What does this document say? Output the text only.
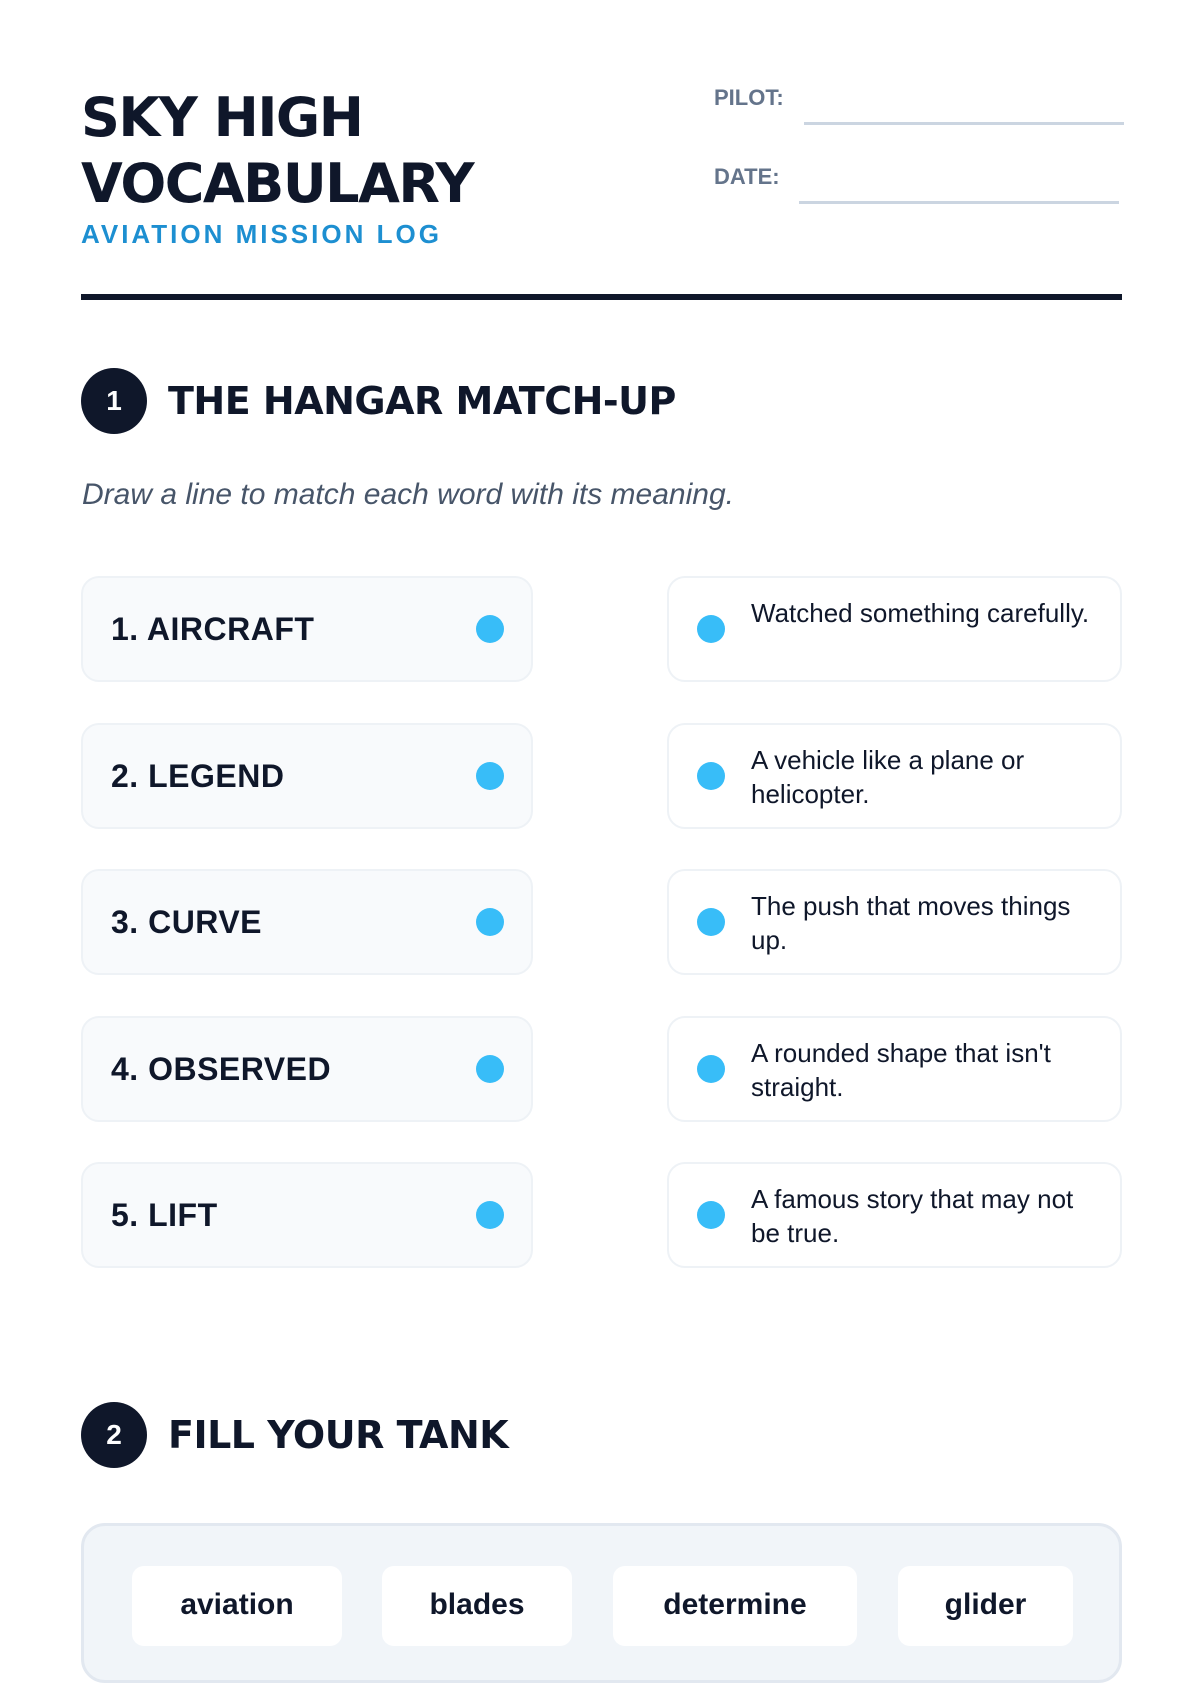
SKY HIGH
VOCABULARY
AVIATION MISSION LOG
PILOT:
DATE:
1	THE HANGAR MATCH-UP
Draw a line to match each word with its meaning.
1. AIRCRAFT	Watched something carefully.
2. LEGEND	A vehicle like a plane or helicopter.
3. CURVE	The push that moves things up.
4. OBSERVED	A rounded shape that isn't straight.
5. LIFT	A famous story that may not be true.
2	FILL YOUR TANK
aviation	blades	determine	glider
